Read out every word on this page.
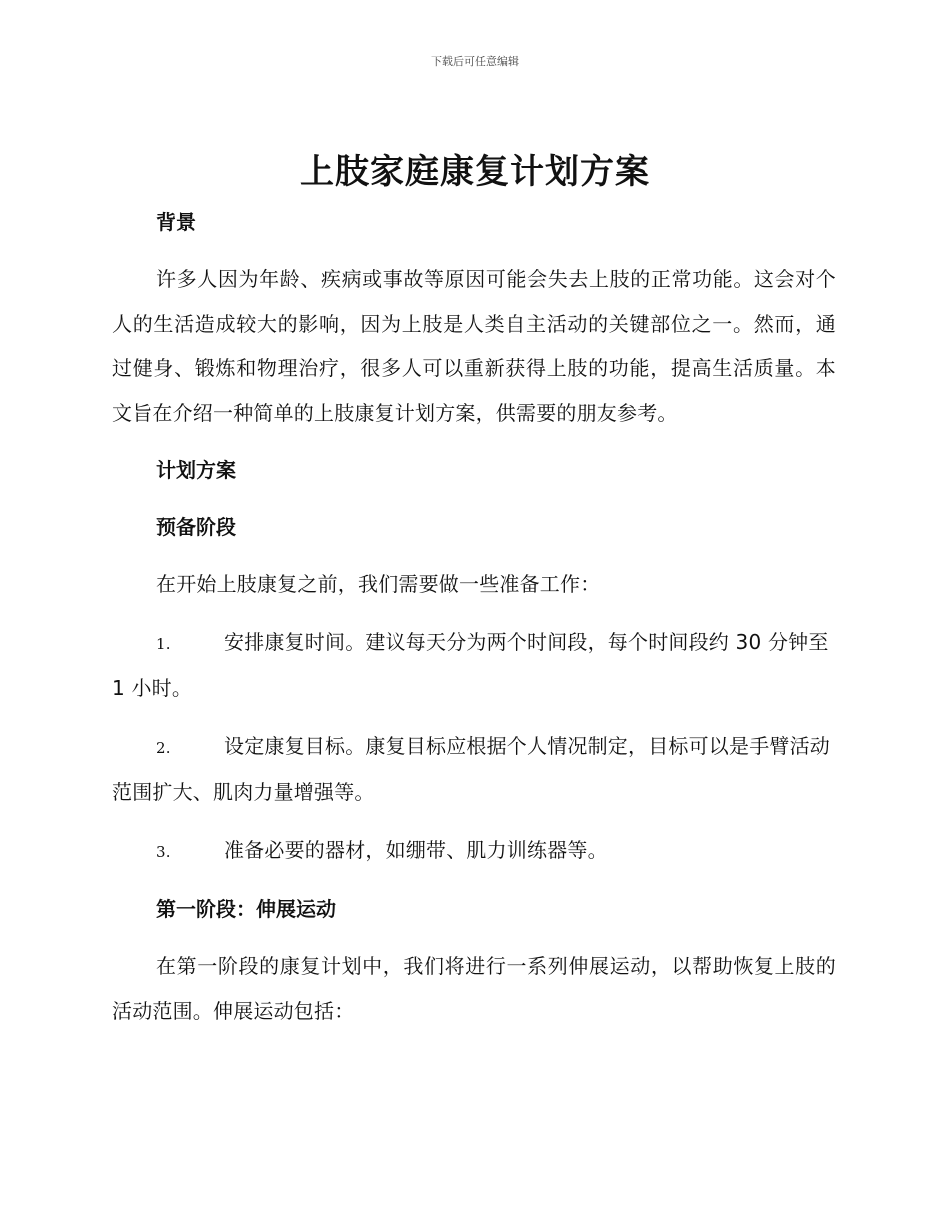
下载后可任意编辑
上肢家庭康复计划方案
背景

许多人因为年龄、疾病或事故等原因可能会失去上肢的正常功能。这会对个人的生活造成较大的影响，因为上肢是人类自主活动的关键部位之一。然而，通过健身、锻炼和物理治疗，很多人可以重新获得上肢的功能，提高生活质量。本文旨在介绍一种简单的上肢康复计划方案，供需要的朋友参考。

计划方案
预备阶段

在开始上肢康复之前，我们需要做一些准备工作：

1.	安排康复时间。建议每天分为两个时间段，每个时间段约 30 分钟至 1 小时。

2.	设定康复目标。康复目标应根据个人情况制定，目标可以是手臂活动范围扩大、肌肉力量增强等。

3.	准备必要的器材，如绷带、肌力训练器等。

第一阶段：伸展运动

在第一阶段的康复计划中，我们将进行一系列伸展运动，以帮助恢复上肢的活动范围。伸展运动包括：
